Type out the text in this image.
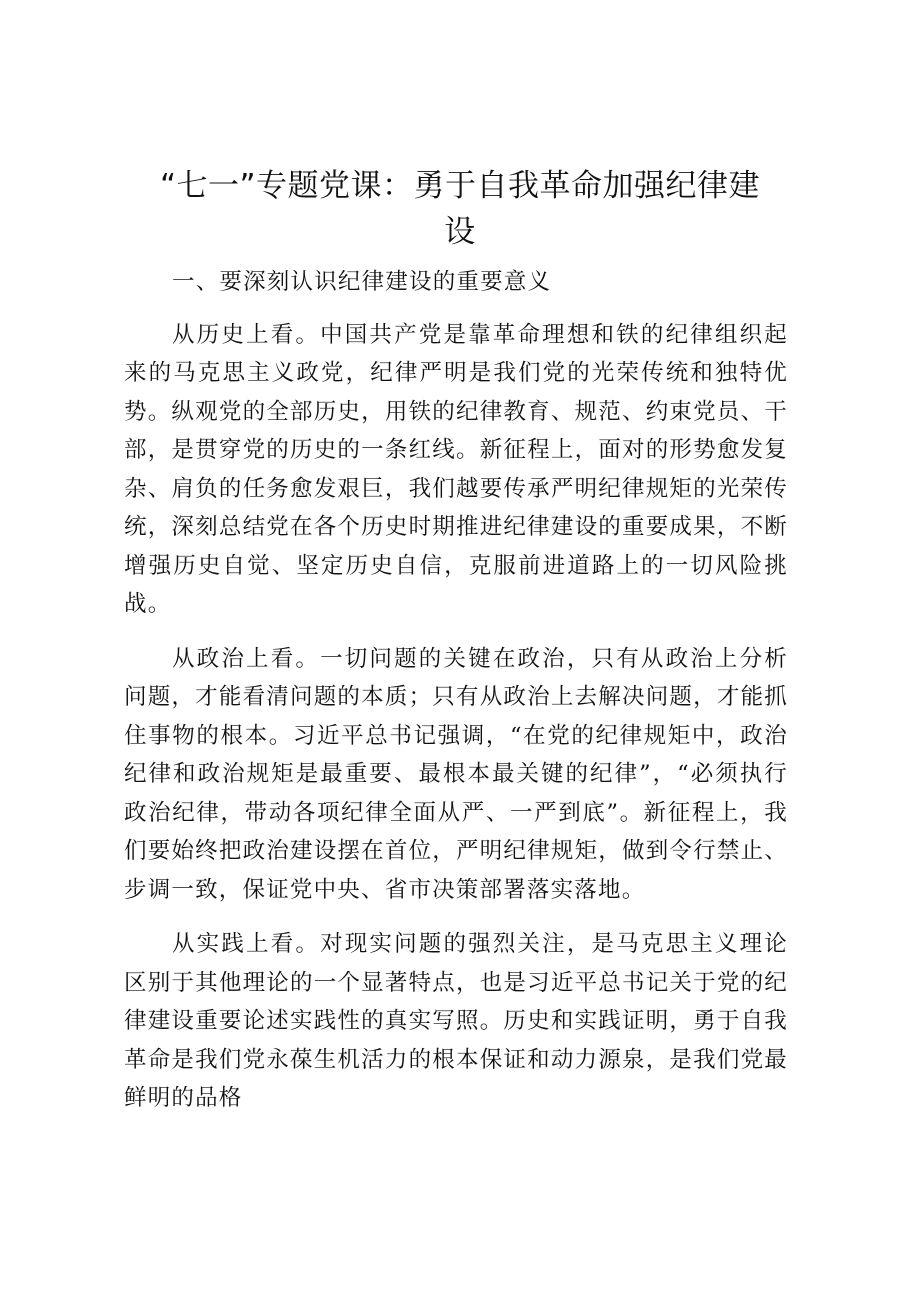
“七一”专题党课：勇于自我革命加强纪律建设
一、要深刻认识纪律建设的重要意义

从历史上看。中国共产党是靠革命理想和铁的纪律组织起来的马克思主义政党，纪律严明是我们党的光荣传统和独特优势。纵观党的全部历史，用铁的纪律教育、规范、约束党员、干部，是贯穿党的历史的一条红线。新征程上，面对的形势愈发复杂、肩负的任务愈发艰巨，我们越要传承严明纪律规矩的光荣传统，深刻总结党在各个历史时期推进纪律建设的重要成果，不断增强历史自觉、坚定历史自信，克服前进道路上的一切风险挑战。

从政治上看。一切问题的关键在政治，只有从政治上分析问题，才能看清问题的本质；只有从政治上去解决问题，才能抓住事物的根本。习近平总书记强调，“在党的纪律规矩中，政治纪律和政治规矩是最重要、最根本最关键的纪律”，“必须执行政治纪律，带动各项纪律全面从严、一严到底”。新征程上，我们要始终把政治建设摆在首位，严明纪律规矩，做到令行禁止、步调一致，保证党中央、省市决策部署落实落地。

从实践上看。对现实问题的强烈关注，是马克思主义理论区别于其他理论的一个显著特点，也是习近平总书记关于党的纪律建设重要论述实践性的真实写照。历史和实践证明，勇于自我革命是我们党永葆生机活力的根本保证和动力源泉，是我们党最鲜明的品格
